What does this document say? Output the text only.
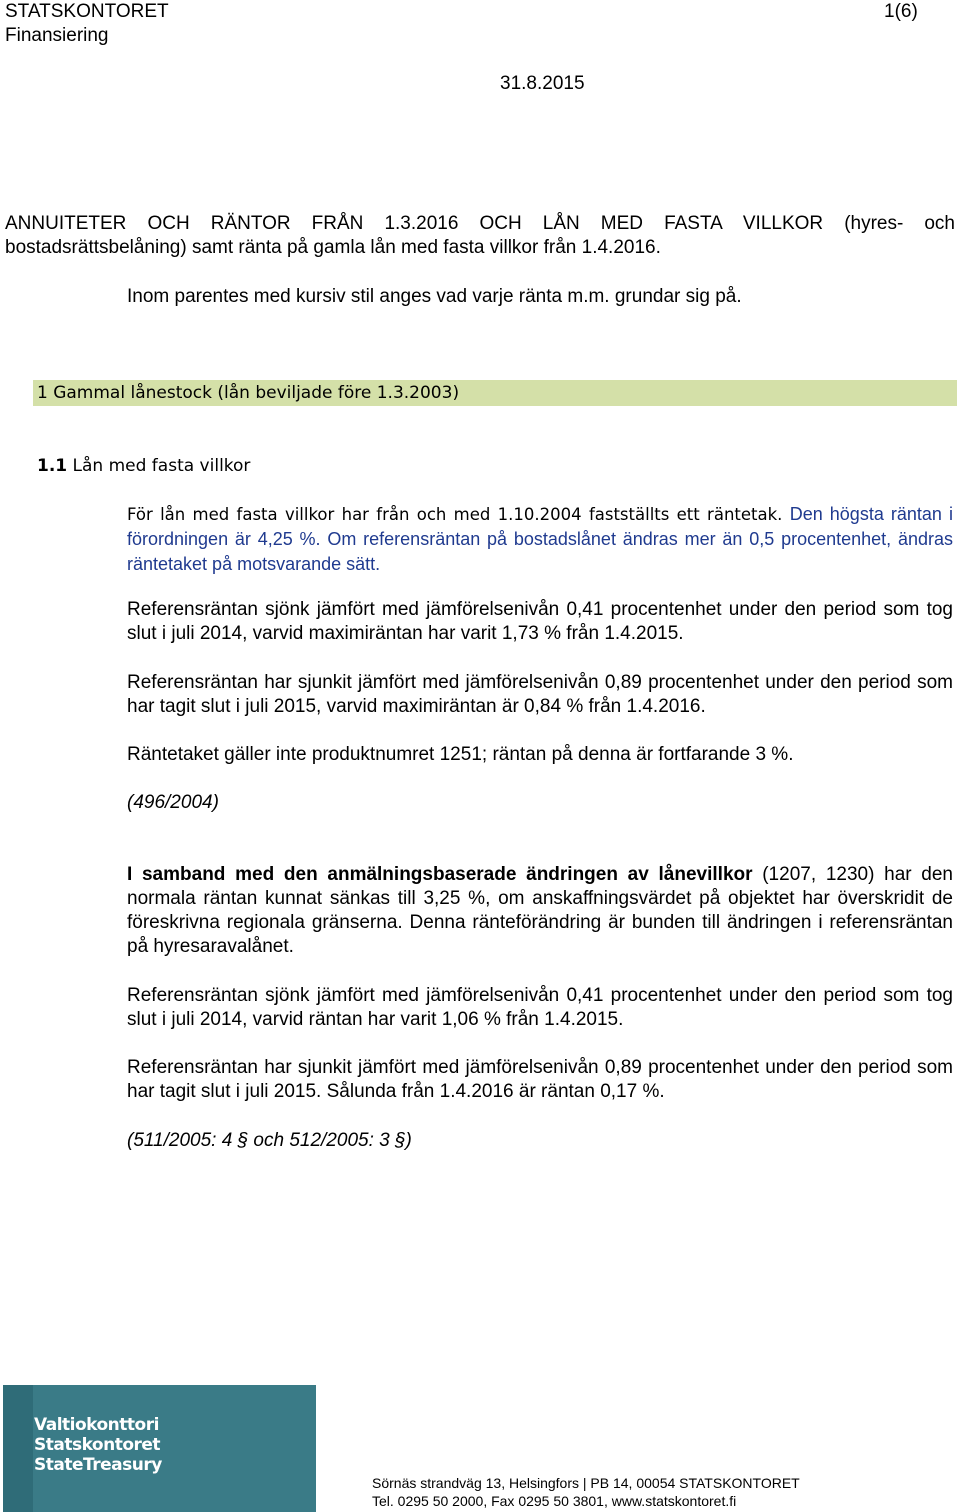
STATSKONTORET

Finansiering

1(6)

31.8.2015

ANNUITETER OCH RÄNTOR FRÅN 1.3.2016 OCH LÅN MED FASTA VILLKOR (hyres- och bostadsrättsbelåning) samt ränta på gamla lån med fasta villkor från 1.4.2016.

Inom parentes med kursiv stil anges vad varje ränta m.m. grundar sig på.

1 Gammal lånestock (lån beviljade före 1.3.2003)

1.1 Lån med fasta villkor

För lån med fasta villkor har från och med 1.10.2004 fastställts ett räntetak. Den högsta räntan i förordningen är 4,25 %. Om referensräntan på bostadslånet ändras mer än 0,5 procentenhet, ändras räntetaket på motsvarande sätt.

Referensräntan sjönk jämfört med jämförelsenivån 0,41 procentenhet under den period som tog slut i juli 2014, varvid maximiräntan har varit 1,73 % från 1.4.2015.

Referensräntan har sjunkit jämfört med jämförelsenivån 0,89 procentenhet under den period som har tagit slut i juli 2015, varvid maximiräntan är 0,84 % från 1.4.2016.

Räntetaket gäller inte produktnumret 1251; räntan på denna är fortfarande 3 %.

(496/2004)

I samband med den anmälningsbaserade ändringen av lånevillkor (1207, 1230) har den normala räntan kunnat sänkas till 3,25 %, om anskaffningsvärdet på objektet har överskridit de föreskrivna regionala gränserna. Denna ränteförändring är bunden till ändringen i referensräntan på hyresaravalånet.

Referensräntan sjönk jämfört med jämförelsenivån 0,41 procentenhet under den period som tog slut i juli 2014, varvid räntan har varit 1,06 % från 1.4.2015.

Referensräntan har sjunkit jämfört med jämförelsenivån 0,89 procentenhet under den period som har tagit slut i juli 2015. Sålunda från 1.4.2016 är räntan 0,17 %.

(511/2005: 4 § och 512/2005: 3 §)

Valtiokonttori
Statskontoret
StateTreasury

Sörnäs strandväg 13, Helsingfors | PB 14, 00054 STATSKONTORET

Tel. 0295 50 2000, Fax 0295 50 3801, www.statskontoret.fi
